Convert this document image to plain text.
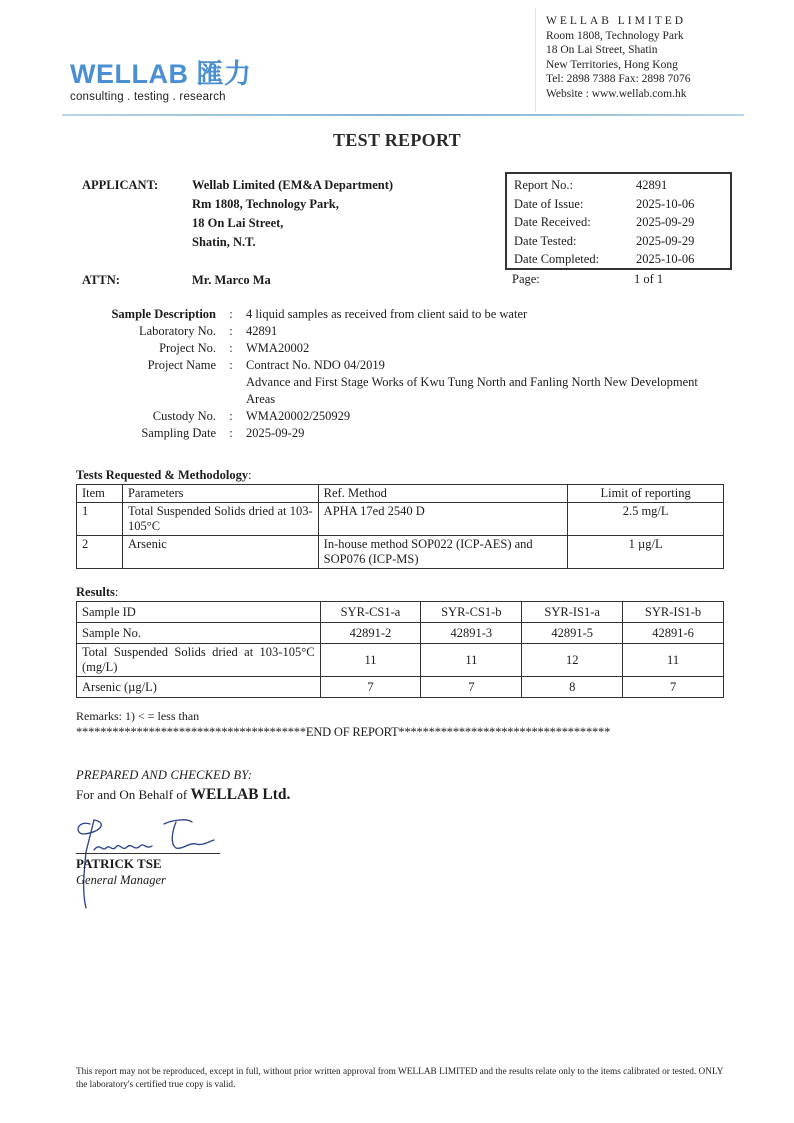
WELLAB 匯力
consulting . testing . research
WELLAB LIMITED
Room 1808, Technology Park
18 On Lai Street, Shatin
New Territories, Hong Kong
Tel: 2898 7388 Fax: 2898 7076
Website : www.wellab.com.hk
TEST REPORT
APPLICANT:	Wellab Limited (EM&A Department)
Rm 1808, Technology Park,
18 On Lai Street,
Shatin, N.T.
ATTN:	Mr. Marco Ma
Report No.:	42891
Date of Issue:	2025-10-06
Date Received:	2025-09-29
Date Tested:	2025-09-29
Date Completed:	2025-10-06
Page:	1 of 1
Sample Description	:	4 liquid samples as received from client said to be water
Laboratory No.	:	42891
Project No.	:	WMA20002
Project Name	:	Contract No. NDO 04/2019
Advance and First Stage Works of Kwu Tung North and Fanling North New Development Areas
Custody No.	:	WMA20002/250929
Sampling Date	:	2025-09-29
Tests Requested & Methodology:
Item	Parameters	Ref. Method	Limit of reporting
1	Total Suspended Solids dried at 103-105°C	APHA 17ed 2540 D	2.5 mg/L
2	Arsenic	In-house method SOP022 (ICP-AES) and SOP076 (ICP-MS)	1 µg/L
Results:
Sample ID	SYR-CS1-a	SYR-CS1-b	SYR-IS1-a	SYR-IS1-b
Sample No.	42891-2	42891-3	42891-5	42891-6
Total Suspended Solids dried at 103-105°C (mg/L)	11	11	12	11
Arsenic (µg/L)	7	7	8	7
Remarks: 1) < = less than
**************************************END OF REPORT***********************************
PREPARED AND CHECKED BY:
For and On Behalf of WELLAB Ltd.
PATRICK TSE
General Manager
This report may not be reproduced, except in full, without prior written approval from WELLAB LIMITED and the results relate only to the items calibrated or tested. ONLY the laboratory's certified true copy is valid.
